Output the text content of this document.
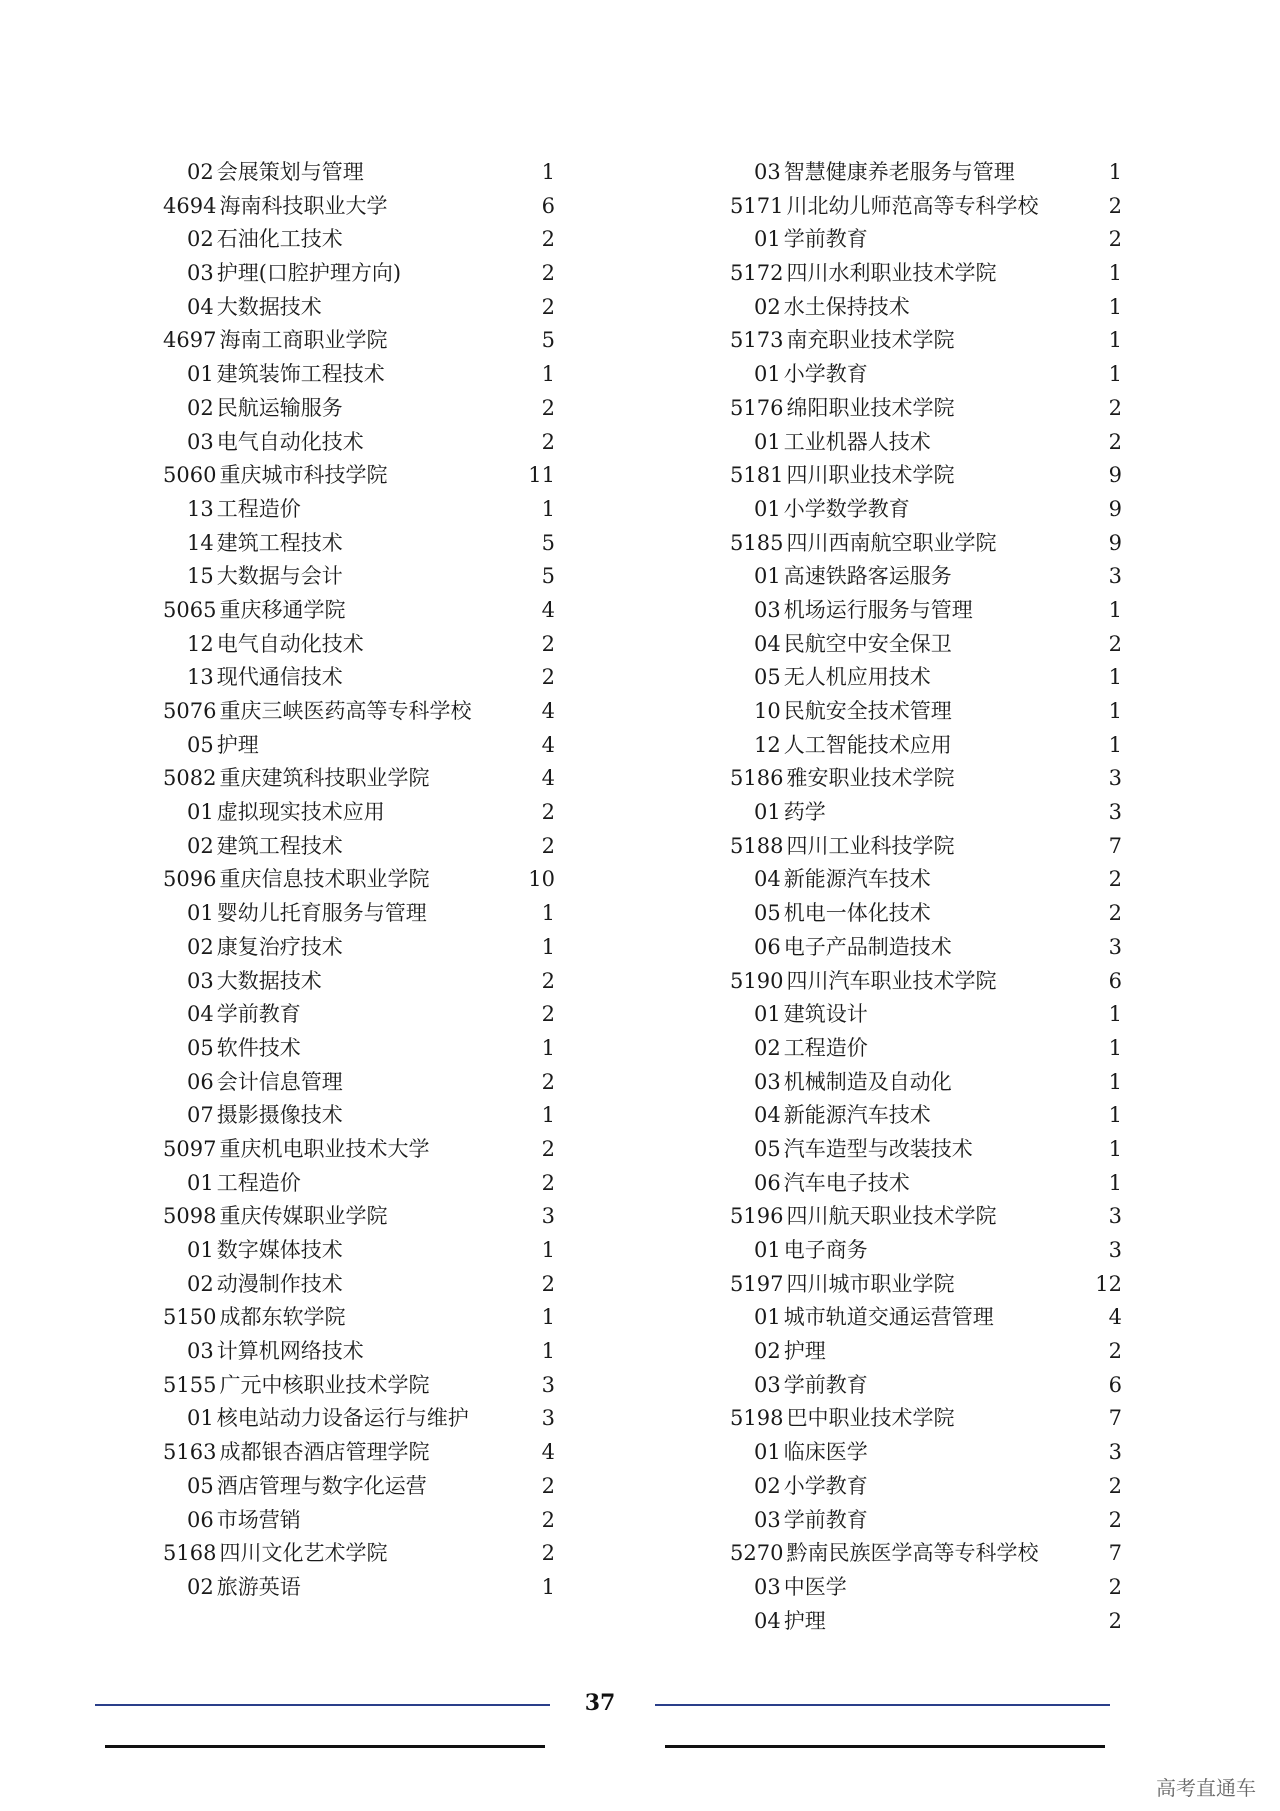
02 会展策划与管理	1
4694 海南科技职业大学	6
02 石油化工技术	2
03 护理(口腔护理方向)	2
04 大数据技术	2
4697 海南工商职业学院	5
01 建筑装饰工程技术	1
02 民航运输服务	2
03 电气自动化技术	2
5060 重庆城市科技学院	11
13 工程造价	1
14 建筑工程技术	5
15 大数据与会计	5
5065 重庆移通学院	4
12 电气自动化技术	2
13 现代通信技术	2
5076 重庆三峡医药高等专科学校	4
05 护理	4
5082 重庆建筑科技职业学院	4
01 虚拟现实技术应用	2
02 建筑工程技术	2
5096 重庆信息技术职业学院	10
01 婴幼儿托育服务与管理	1
02 康复治疗技术	1
03 大数据技术	2
04 学前教育	2
05 软件技术	1
06 会计信息管理	2
07 摄影摄像技术	1
5097 重庆机电职业技术大学	2
01 工程造价	2
5098 重庆传媒职业学院	3
01 数字媒体技术	1
02 动漫制作技术	2
5150 成都东软学院	1
03 计算机网络技术	1
5155 广元中核职业技术学院	3
01 核电站动力设备运行与维护	3
5163 成都银杏酒店管理学院	4
05 酒店管理与数字化运营	2
06 市场营销	2
5168 四川文化艺术学院	2
02 旅游英语	1
03 智慧健康养老服务与管理	1
5171 川北幼儿师范高等专科学校	2
01 学前教育	2
5172 四川水利职业技术学院	1
02 水土保持技术	1
5173 南充职业技术学院	1
01 小学教育	1
5176 绵阳职业技术学院	2
01 工业机器人技术	2
5181 四川职业技术学院	9
01 小学数学教育	9
5185 四川西南航空职业学院	9
01 高速铁路客运服务	3
03 机场运行服务与管理	1
04 民航空中安全保卫	2
05 无人机应用技术	1
10 民航安全技术管理	1
12 人工智能技术应用	1
5186 雅安职业技术学院	3
01 药学	3
5188 四川工业科技学院	7
04 新能源汽车技术	2
05 机电一体化技术	2
06 电子产品制造技术	3
5190 四川汽车职业技术学院	6
01 建筑设计	1
02 工程造价	1
03 机械制造及自动化	1
04 新能源汽车技术	1
05 汽车造型与改装技术	1
06 汽车电子技术	1
5196 四川航天职业技术学院	3
01 电子商务	3
5197 四川城市职业学院	12
01 城市轨道交通运营管理	4
02 护理	2
03 学前教育	6
5198 巴中职业技术学院	7
01 临床医学	3
02 小学教育	2
03 学前教育	2
5270 黔南民族医学高等专科学校	7
03 中医学	2
04 护理	2
37
高考直通车
